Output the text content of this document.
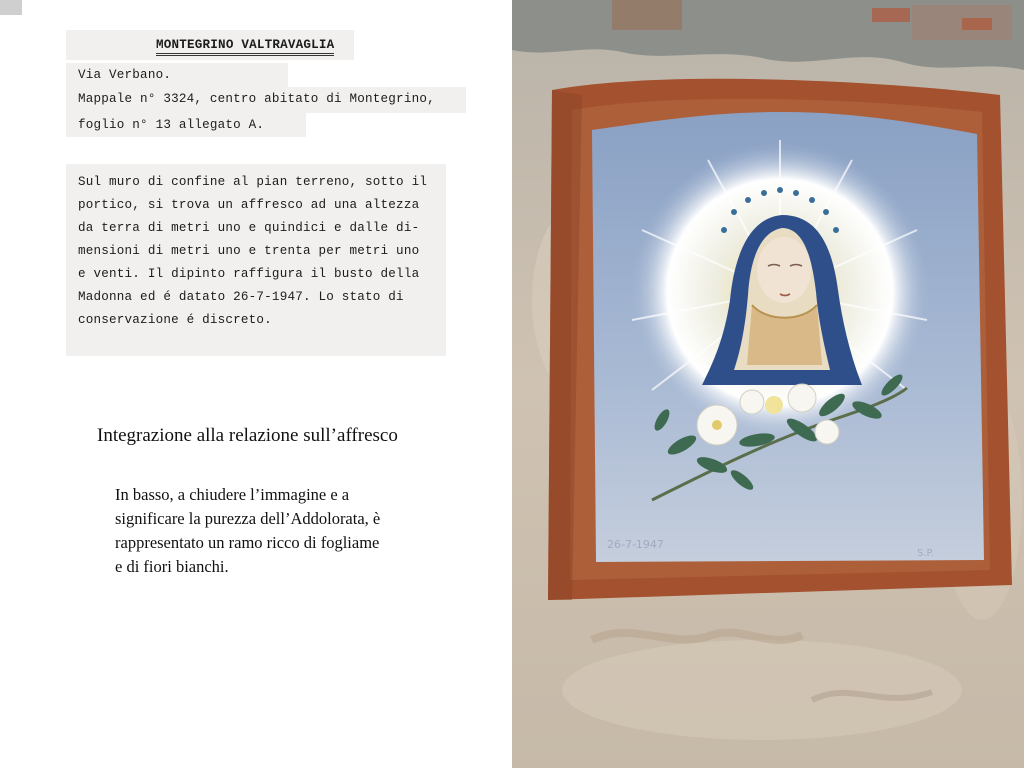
MONTEGRINO VALTRAVAGLIA
Via Verbano.
Mappale n° 3324, centro abitato di Montegrino,
foglio n° 13 allegato A.
Sul muro di confine al pian terreno, sotto il
portico, si trova un affresco ad una altezza
da terra di metri uno e quindici e dalle di-
mensioni di metri uno e trenta per metri uno
e venti. Il dipinto raffigura il busto della
Madonna ed é datato 26-7-1947. Lo stato di
conservazione é discreto.
Integrazione alla relazione sull’affresco
In basso, a chiudere l’immagine e a
significare la purezza dell’Addolorata, è
rappresentato un ramo ricco di fogliame
e di fiori bianchi.
26-7-1947
S.P.
